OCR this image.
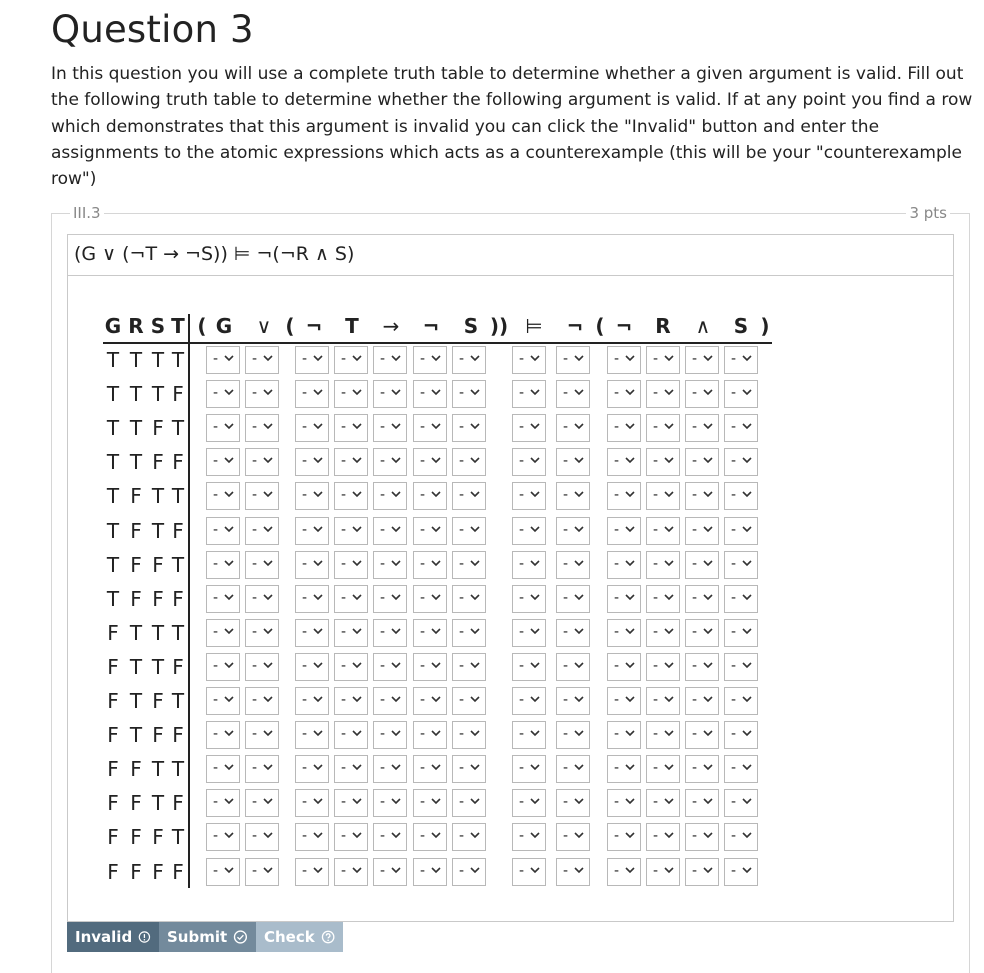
Question 3

In this question you will use a complete truth table to determine whether a given argument is valid. Fill out the following truth table to determine whether the following argument is valid. If at any point you find a row which demonstrates that this argument is invalid you can click the "Invalid" button and enter the assignments to the atomic expressions which acts as a counterexample (this will be your "counterexample row")

III.3	3 pts
(G ∨ (¬T → ¬S)) ⊨ ¬(¬R ∧ S)
G R S T ( G ∨ ( ¬ T → ¬ S )) ⊨ ¬ ( ¬ R ∧ S )
T T T T - -	- - - - -	-	-	- - - -
T T T F - -	- - - - -	-	-	- - - -
T T F T - -	- - - - -	-	-	- - - -
T T F F - -	- - - - -	-	-	- - - -
T F T T - -	- - - - -	-	-	- - - -
T F T F - -	- - - - -	-	-	- - - -
T F F T - -	- - - - -	-	-	- - - -
T F F F - -	- - - - -	-	-	- - - -
F T T T - -	- - - - -	-	-	- - - -
F T T F - -	- - - - -	-	-	- - - -
F T F T - -	- - - - -	-	-	- - - -
F T F F - -	- - - - -	-	-	- - - -
F F T T - -	- - - - -	-	-	- - - -
F F T F - -	- - - - -	-	-	- - - -
F F F T - -	- - - - -	-	-	- - - -
F F F F - -	- - - - -	-	-	- - - -
Invalid Submit Check
